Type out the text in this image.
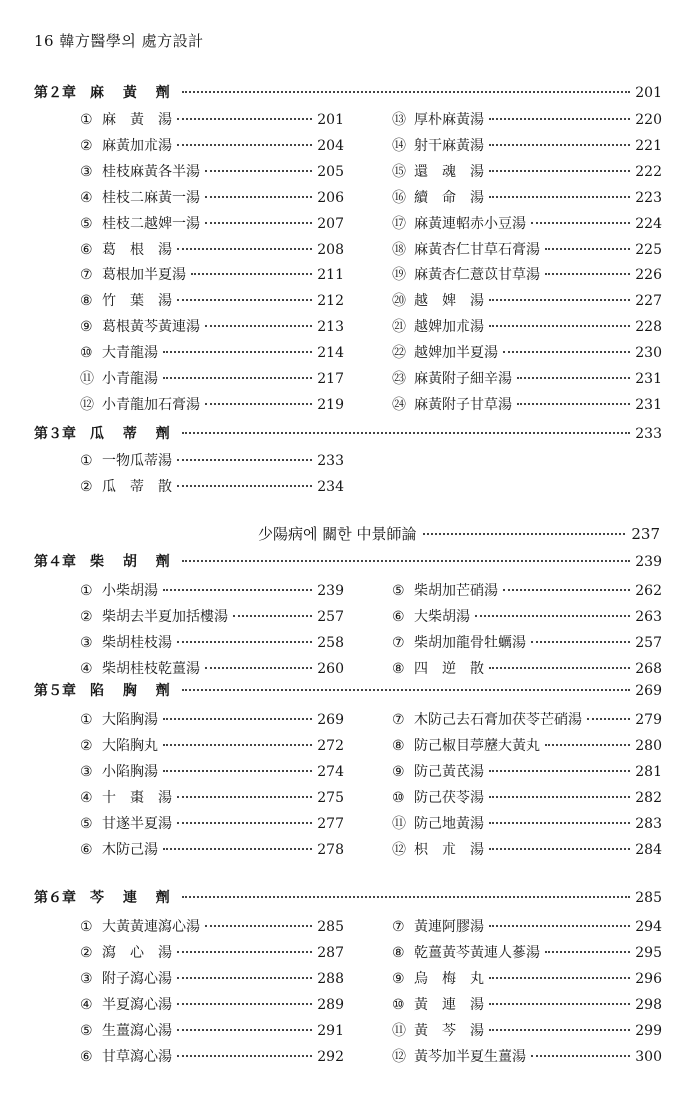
16 韓方醫學의 處方設計
少陽病에 關한 中景師論	237
第２章 麻 黃 劑	201
① 麻　黃　湯	201
② 麻黃加朮湯	204
③ 桂枝麻黃各半湯	205
④ 桂枝二麻黃一湯	206
⑤ 桂枝二越婢一湯	207
⑥ 葛　根　湯	208
⑦ 葛根加半夏湯	211
⑧ 竹　葉　湯	212
⑨ 葛根黃芩黃連湯	213
⑩ 大青龍湯	214
⑪ 小青龍湯	217
⑫ 小青龍加石膏湯	219
⑬ 厚朴麻黃湯	220
⑭ 射干麻黃湯	221
⑮ 還　魂　湯	222
⑯ 續　命　湯	223
⑰ 麻黃連軺赤小豆湯	224
⑱ 麻黃杏仁甘草石膏湯	225
⑲ 麻黃杏仁薏苡甘草湯	226
⑳ 越　婢　湯	227
㉑ 越婢加朮湯	228
㉒ 越婢加半夏湯	230
㉓ 麻黃附子細辛湯	231
㉔ 麻黃附子甘草湯	231
第３章 瓜 蒂 劑	233
① 一物瓜蒂湯	233
② 瓜　蒂　散	234
第４章 柴 胡 劑	239
① 小柴胡湯	239
② 柴胡去半夏加括樓湯	257
③ 柴胡桂枝湯	258
④ 柴胡桂枝乾薑湯	260
⑤ 柴胡加芒硝湯	262
⑥ 大柴胡湯	263
⑦ 柴胡加龍骨牡蠣湯	257
⑧ 四　逆　散	268
第５章 陷 胸 劑	269
① 大陷胸湯	269
② 大陷胸丸	272
③ 小陷胸湯	274
④ 十　棗　湯	275
⑤ 甘遂半夏湯	277
⑥ 木防己湯	278
⑦ 木防己去石膏加茯苓芒硝湯	279
⑧ 防己椒目葶藶大黃丸	280
⑨ 防己黃芪湯	281
⑩ 防己茯苓湯	282
⑪ 防己地黃湯	283
⑫ 枳　朮　湯	284
第６章 芩 連 劑	285
① 大黃黃連瀉心湯	285
② 瀉　心　湯	287
③ 附子瀉心湯	288
④ 半夏瀉心湯	289
⑤ 生薑瀉心湯	291
⑥ 甘草瀉心湯	292
⑦ 黃連阿膠湯	294
⑧ 乾薑黃芩黃連人蔘湯	295
⑨ 烏　梅　丸	296
⑩ 黃　連　湯	298
⑪ 黃　芩　湯	299
⑫ 黃芩加半夏生薑湯	300
